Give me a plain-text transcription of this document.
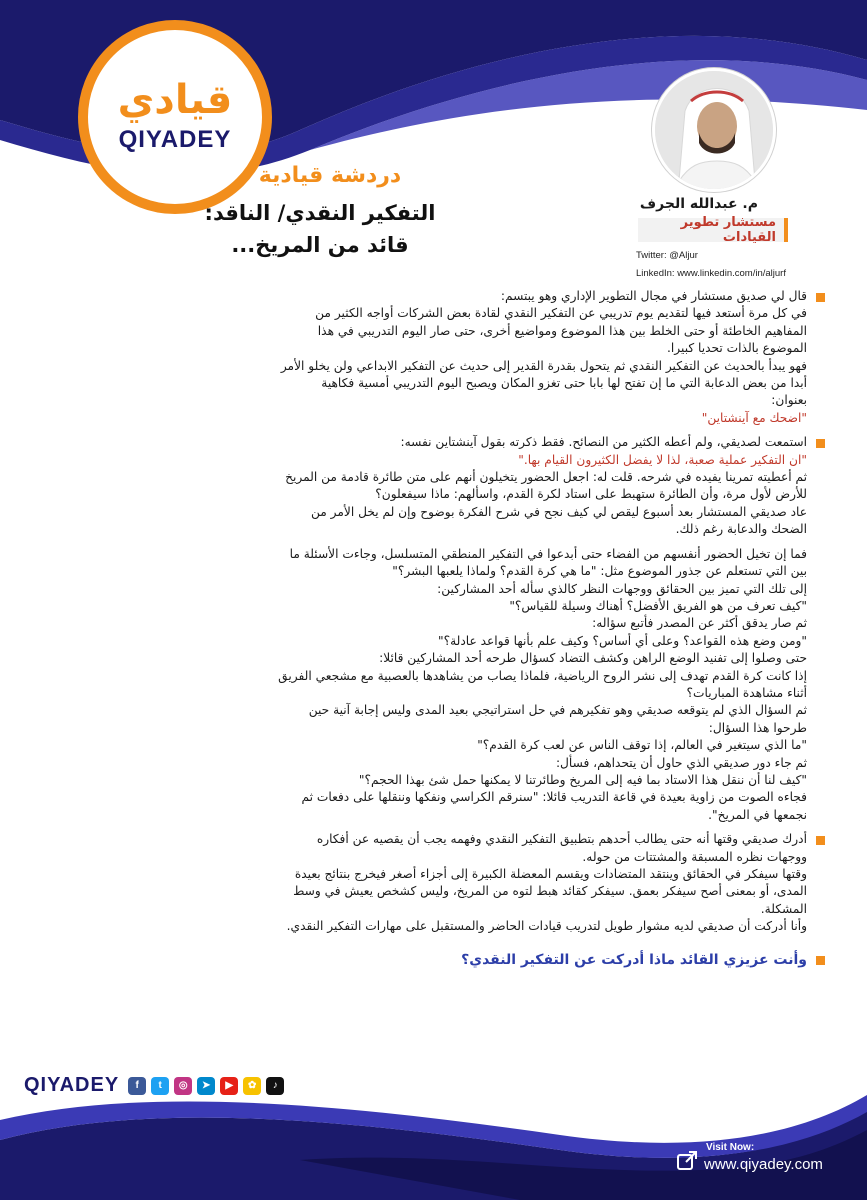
قيادي
QIYADEY
م. عبدالله الجرف
مستشار تطوير القيادات
Twitter: @Aljur
LinkedIn: www.linkedin.com/in/aljurf
دردشة قيادية
التفكير النقدي/ الناقد:
قائد من المريخ...
قال لي صديق مستشار في مجال التطوير الإداري وهو يبتسم:
في كل مرة أستعد فيها لتقديم يوم تدريبي عن التفكير النقدي لقادة بعض الشركات أواجه الكثير من
المفاهيم الخاطئة أو حتى الخلط بين هذا الموضوع ومواضيع أخرى، حتى صار اليوم التدريبي في هذا
الموضوع بالذات تحديا كبيرا.
فهو يبدأ بالحديث عن التفكير النقدي ثم يتحول بقدرة القدير إلى حديث عن التفكير الابداعي ولن يخلو الأمر
أبدا من بعض الدعابة التي ما إن تفتح لها بابا حتى تغزو المكان ويصبح اليوم التدريبي أمسية فكاهية
بعنوان:
"اضحك مع آينشتاين"
استمعت لصديقي، ولم أعطه الكثير من النصائح. فقط ذكرته بقول آينشتاين نفسه:
"ان التفكير عملية صعبة، لذا لا يفضل الكثيرون القيام بها."
ثم أعطيته تمرينا يفيده في شرحه. قلت له: اجعل الحضور يتخيلون أنهم على متن طائرة قادمة من المريخ
للأرض لأول مرة، وأن الطائرة ستهبط على استاد لكرة القدم، واسألهم: ماذا سيفعلون؟
عاد صديقي المستشار بعد أسبوع ليقص لي كيف نجح في شرح الفكرة بوضوح وإن لم يخل الأمر من
الضحك والدعابة رغم ذلك.
فما إن تخيل الحضور أنفسهم من الفضاء حتى أبدعوا في التفكير المنطقي المتسلسل، وجاءت الأسئلة ما
بين التي تستعلم عن جذور الموضوع مثل: "ما هي كرة القدم؟ ولماذا يلعبها البشر؟"
إلى تلك التي تميز بين الحقائق ووجهات النظر كالذي سأله أحد المشاركين:
"كيف تعرف من هو الفريق الأفضل؟ أهناك وسيلة للقياس؟"
ثم صار يدقق أكثر عن المصدر فأتبع سؤاله:
"ومن وضع هذه القواعد؟ وعلى أي أساس؟ وكيف علم بأنها قواعد عادلة؟"
حتى وصلوا إلى تفنيد الوضع الراهن وكشف التضاد كسؤال طرحه أحد المشاركين قائلا:
إذا كانت كرة القدم تهدف إلى نشر الروح الرياضية، فلماذا يصاب من يشاهدها بالعصبية مع مشجعي الفريق
أثناء مشاهدة المباريات؟
ثم السؤال الذي لم يتوقعه صديقي وهو تفكيرهم في حل استراتيجي بعيد المدى وليس إجابة آنية حين
طرحوا هذا السؤال:
"ما الذي سيتغير في العالم، إذا توقف الناس عن لعب كرة القدم؟"
ثم جاء دور صديقي الذي حاول أن يتحداهم، فسأل:
"كيف لنا أن ننقل هذا الاستاد بما فيه إلى المريخ وطائرتنا لا يمكنها حمل شئ بهذا الحجم؟"
فجاءه الصوت من زاوية بعيدة في قاعة التدريب قائلا: "سنرقم الكراسي ونفكها وننقلها على دفعات ثم
نجمعها في المريخ".
أدرك صديقي وقتها أنه حتى يطالب أحدهم بتطبيق التفكير النقدي وفهمه يجب أن يقصيه عن أفكاره
ووجهات نظره المسبقة والمشتتات من حوله.
وقتها سيفكر في الحقائق وينتقد المتضادات ويقسم المعضلة الكبيرة إلى أجزاء أصغر فيخرج بنتائج بعيدة
المدى، أو بمعنى أصح سيفكر بعمق. سيفكر كقائد هبط لتوه من المريخ، وليس كشخص يعيش في وسط
المشكلة.
وأنا أدركت أن صديقي لديه مشوار طويل لتدريب قيادات الحاضر والمستقبل على مهارات التفكير النقدي.
وأنت عزيزي القائد ماذا أدركت عن التفكير النقدي؟
QIYADEY	f	t	◎	➤	▶	✿	♪
Visit Now:
www.qiyadey.com
